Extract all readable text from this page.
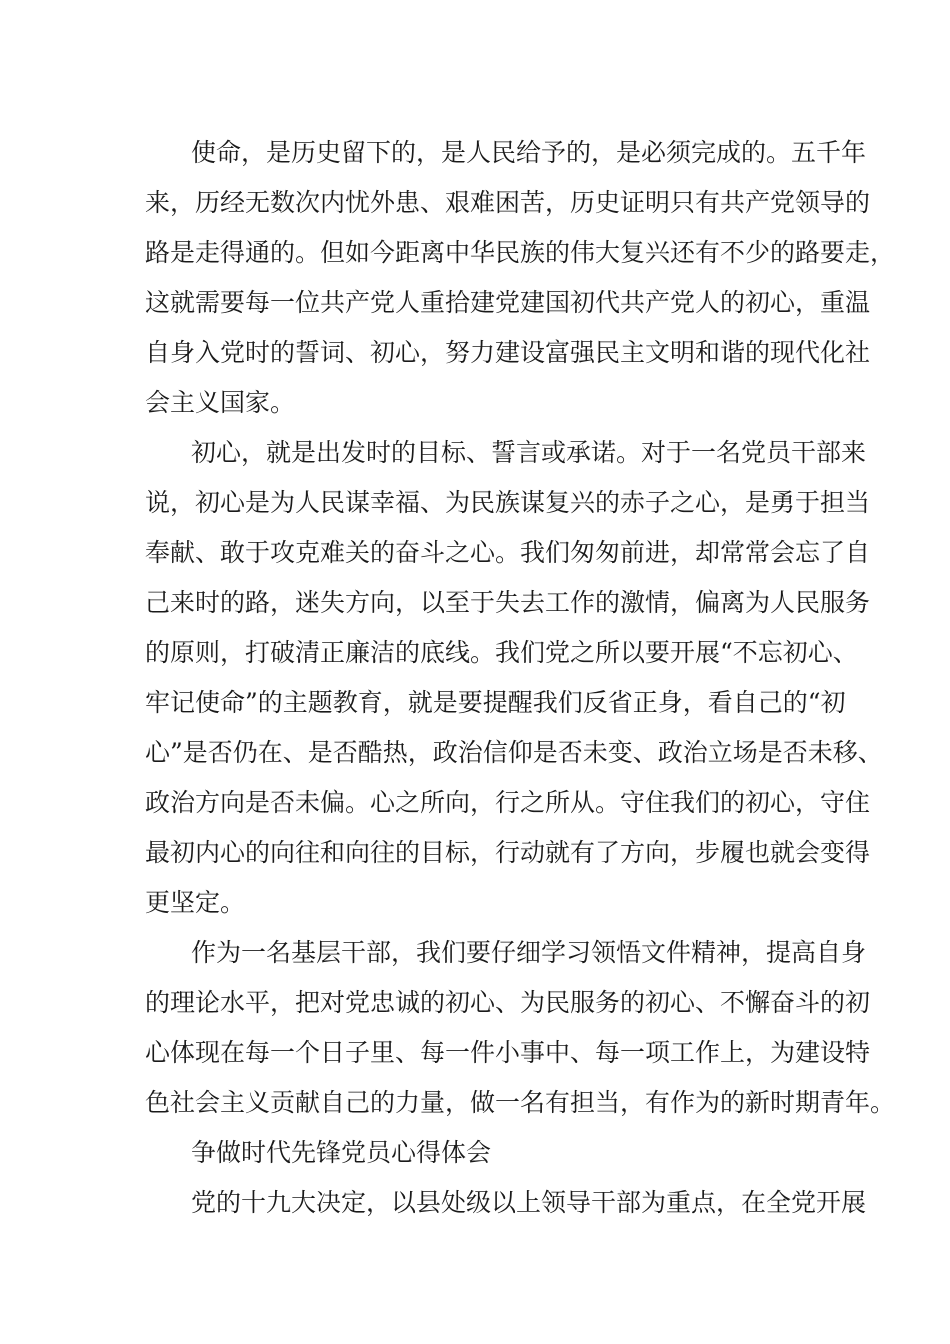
使命，是历史留下的，是人民给予的，是必须完成的。五千年

来，历经无数次内忧外患、艰难困苦，历史证明只有共产党领导的

路是走得通的。但如今距离中华民族的伟大复兴还有不少的路要走，

这就需要每一位共产党人重拾建党建国初代共产党人的初心，重温

自身入党时的誓词、初心，努力建设富强民主文明和谐的现代化社

会主义国家。

初心，就是出发时的目标、誓言或承诺。对于一名党员干部来

说，初心是为人民谋幸福、为民族谋复兴的赤子之心，是勇于担当

奉献、敢于攻克难关的奋斗之心。我们匆匆前进，却常常会忘了自

己来时的路，迷失方向，以至于失去工作的激情，偏离为人民服务

的原则，打破清正廉洁的底线。我们党之所以要开展“不忘初心、

牢记使命”的主题教育，就是要提醒我们反省正身，看自己的“初

心”是否仍在、是否酷热，政治信仰是否未变、政治立场是否未移、

政治方向是否未偏。心之所向，行之所从。守住我们的初心，守住

最初内心的向往和向往的目标，行动就有了方向，步履也就会变得

更坚定。

作为一名基层干部，我们要仔细学习领悟文件精神，提高自身

的理论水平，把对党忠诚的初心、为民服务的初心、不懈奋斗的初

心体现在每一个日子里、每一件小事中、每一项工作上，为建设特

色社会主义贡献自己的力量，做一名有担当，有作为的新时期青年。

争做时代先锋党员心得体会

党的十九大决定，以县处级以上领导干部为重点，在全党开展
